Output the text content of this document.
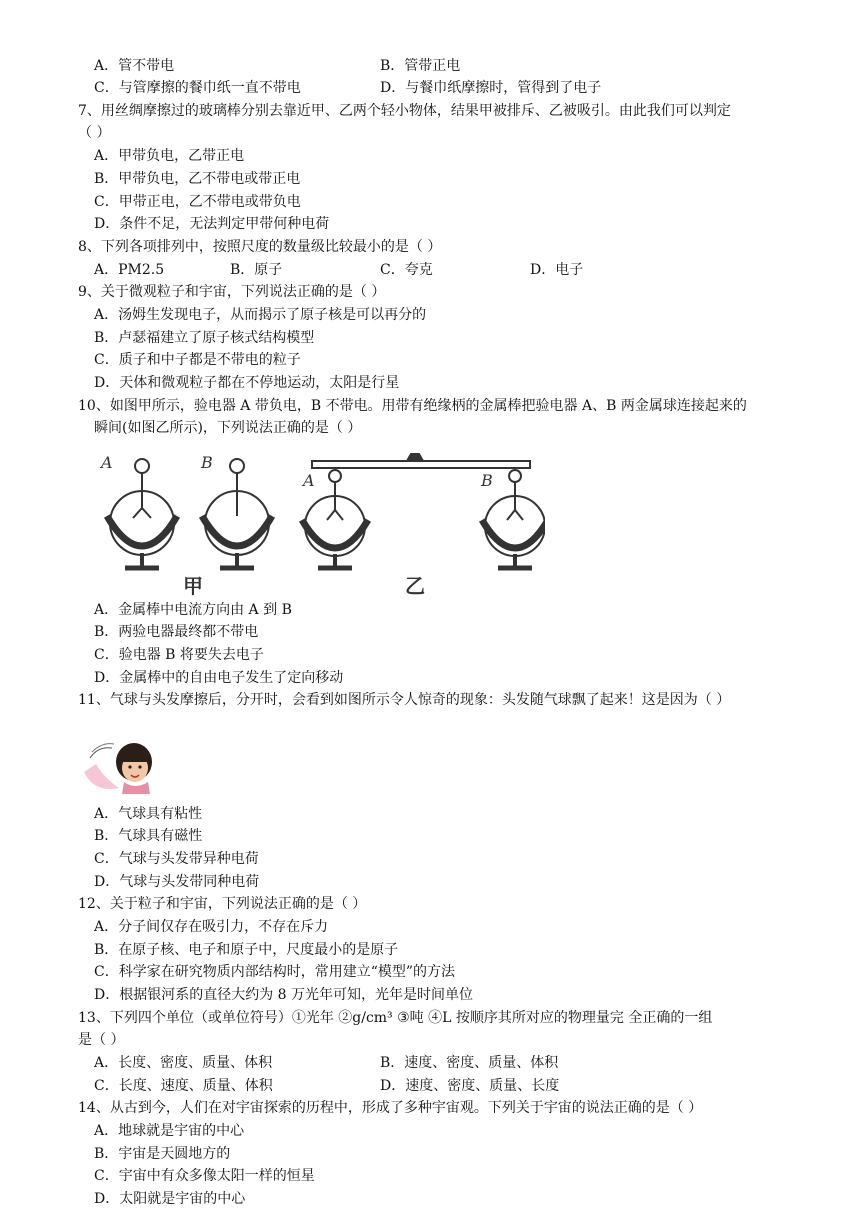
A．管不带电	B．管带正电
C．与管摩擦的餐巾纸一直不带电	D．与餐巾纸摩擦时，管得到了电子
7、用丝绸摩擦过的玻璃棒分别去靠近甲、乙两个轻小物体，结果甲被排斥、乙被吸引。由此我们可以判定
（ ）
A．甲带负电，乙带正电
B．甲带负电，乙不带电或带正电
C．甲带正电，乙不带电或带负电
D．条件不足，无法判定甲带何种电荷
8、下列各项排列中，按照尺度的数量级比较最小的是（ ）
A．PM2.5	B．原子	C．夸克	D．电子
9、关于微观粒子和宇宙，下列说法正确的是（ ）
A．汤姆生发现电子，从而揭示了原子核是可以再分的
B．卢瑟福建立了原子核式结构模型
C．质子和中子都是不带电的粒子
D．天体和微观粒子都在不停地运动，太阳是行星
10、如图甲所示，验电器 A 带负电，B 不带电。用带有绝缘柄的金属棒把验电器 A、B 两金属球连接起来的
瞬间(如图乙所示)，下列说法正确的是（ ）
A	B
A	B
甲	乙
A．金属棒中电流方向由 A 到 B
B．两验电器最终都不带电
C．验电器 B 将要失去电子
D．金属棒中的自由电子发生了定向移动
11、气球与头发摩擦后，分开时，会看到如图所示令人惊奇的现象：头发随气球飘了起来！这是因为（ ）
A．气球具有粘性
B．气球具有磁性
C．气球与头发带异种电荷
D．气球与头发带同种电荷
12、关于粒子和宇宙，下列说法正确的是（ ）
A．分子间仅存在吸引力，不存在斥力
B．在原子核、电子和原子中，尺度最小的是原子
C．科学家在研究物质内部结构时，常用建立“模型”的方法
D．根据银河系的直径大约为 8 万光年可知，光年是时间单位
13、下列四个单位（或单位符号）①光年 ②g/cm³ ③吨 ④L 按顺序其所对应的物理量完 全正确的一组
是（ ）
A．长度、密度、质量、体积	B．速度、密度、质量、体积
C．长度、速度、质量、体积	D．速度、密度、质量、长度
14、从古到今，人们在对宇宙探索的历程中，形成了多种宇宙观。下列关于宇宙的说法正确的是（ ）
A．地球就是宇宙的中心
B．宇宙是天圆地方的
C．宇宙中有众多像太阳一样的恒星
D．太阳就是宇宙的中心
